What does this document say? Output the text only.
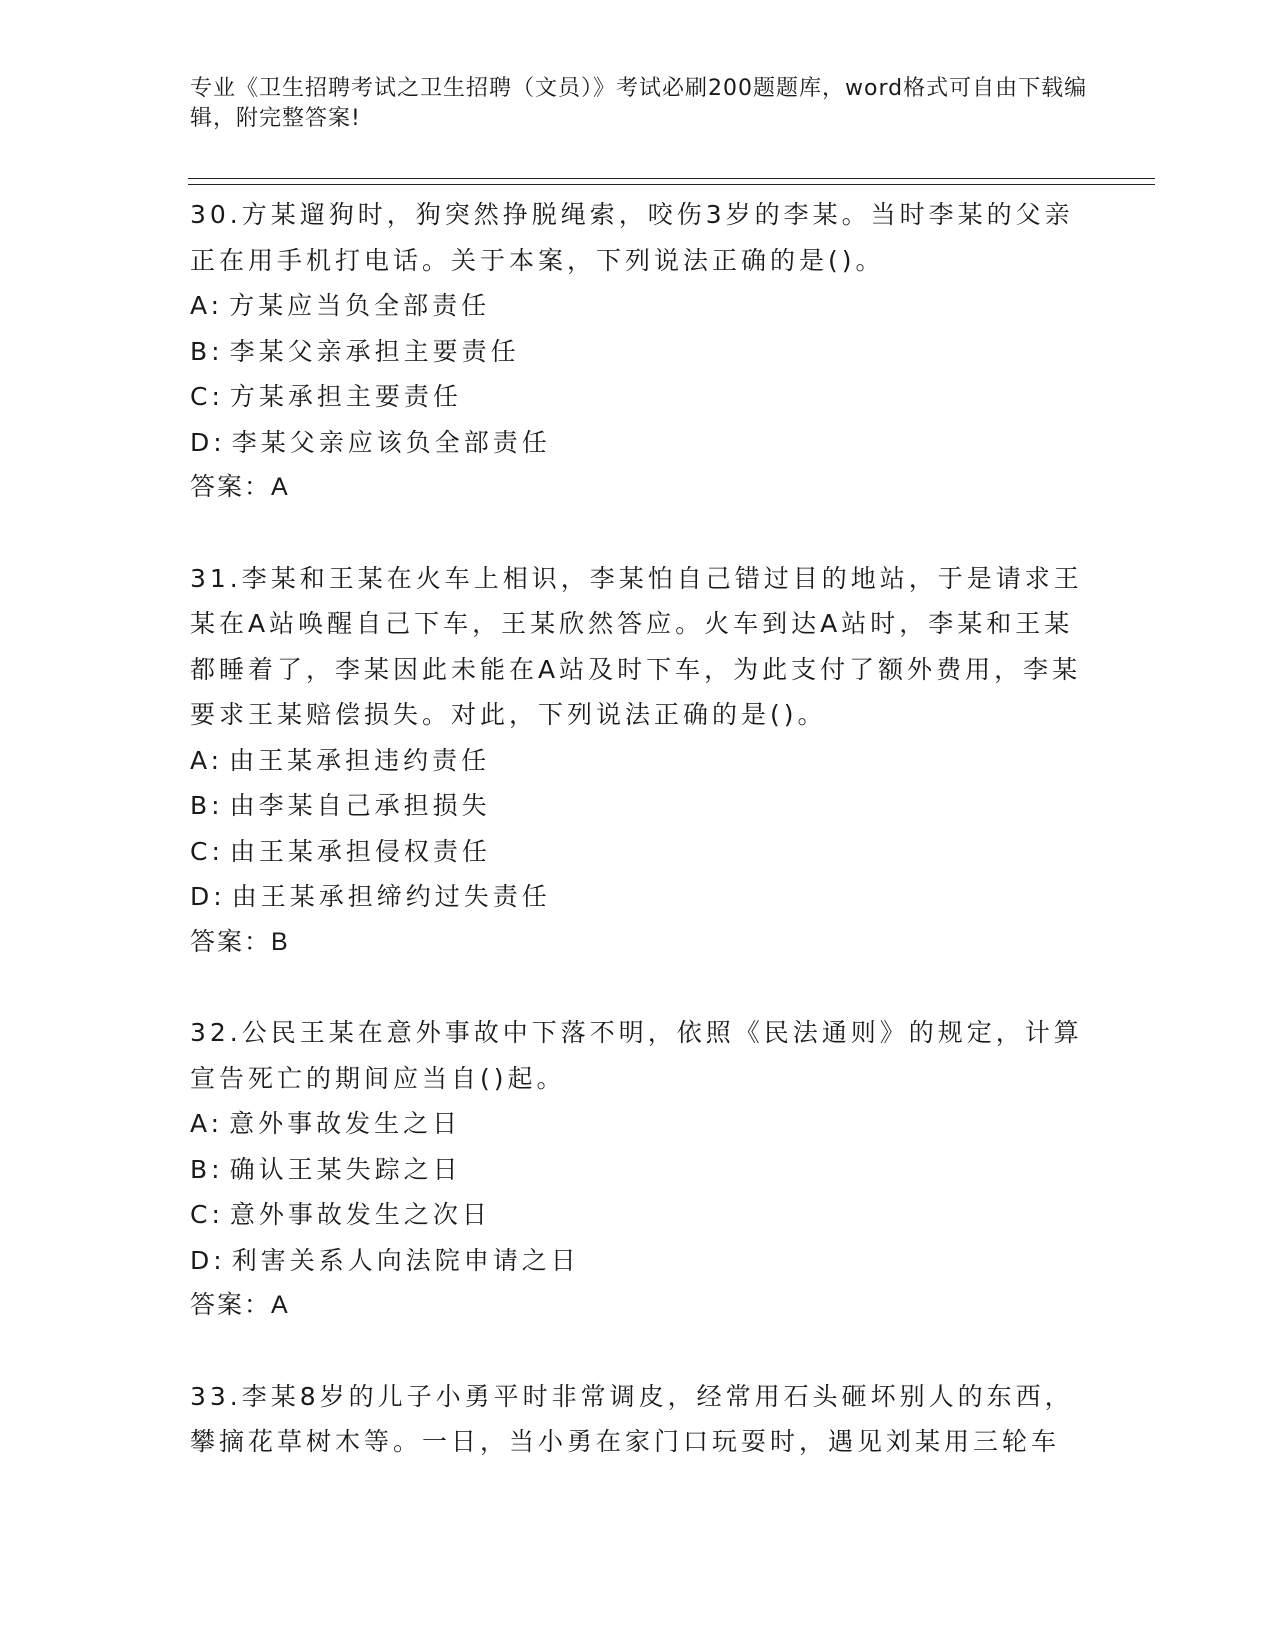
专业《卫生招聘考试之卫生招聘（文员）》考试必刷200题题库，word格式可自由下载编辑，附完整答案!

30.方某遛狗时，狗突然挣脱绳索，咬伤3岁的李某。当时李某的父亲正在用手机打电话。关于本案，下列说法正确的是()。

A: 方某应当负全部责任

B: 李某父亲承担主要责任

C: 方某承担主要责任

D: 李某父亲应该负全部责任

答案：A

31.李某和王某在火车上相识，李某怕自己错过目的地站，于是请求王某在A站唤醒自己下车，王某欣然答应。火车到达A站时，李某和王某都睡着了，李某因此未能在A站及时下车，为此支付了额外费用，李某要求王某赔偿损失。对此，下列说法正确的是()。

A: 由王某承担违约责任

B: 由李某自己承担损失

C: 由王某承担侵权责任

D: 由王某承担缔约过失责任

答案：B

32.公民王某在意外事故中下落不明，依照《民法通则》的规定，计算宣告死亡的期间应当自()起。

A: 意外事故发生之日

B: 确认王某失踪之日

C: 意外事故发生之次日

D: 利害关系人向法院申请之日

答案：A

33.李某8岁的儿子小勇平时非常调皮，经常用石头砸坏别人的东西，攀摘花草树木等。一日，当小勇在家门口玩耍时，遇见刘某用三轮车
